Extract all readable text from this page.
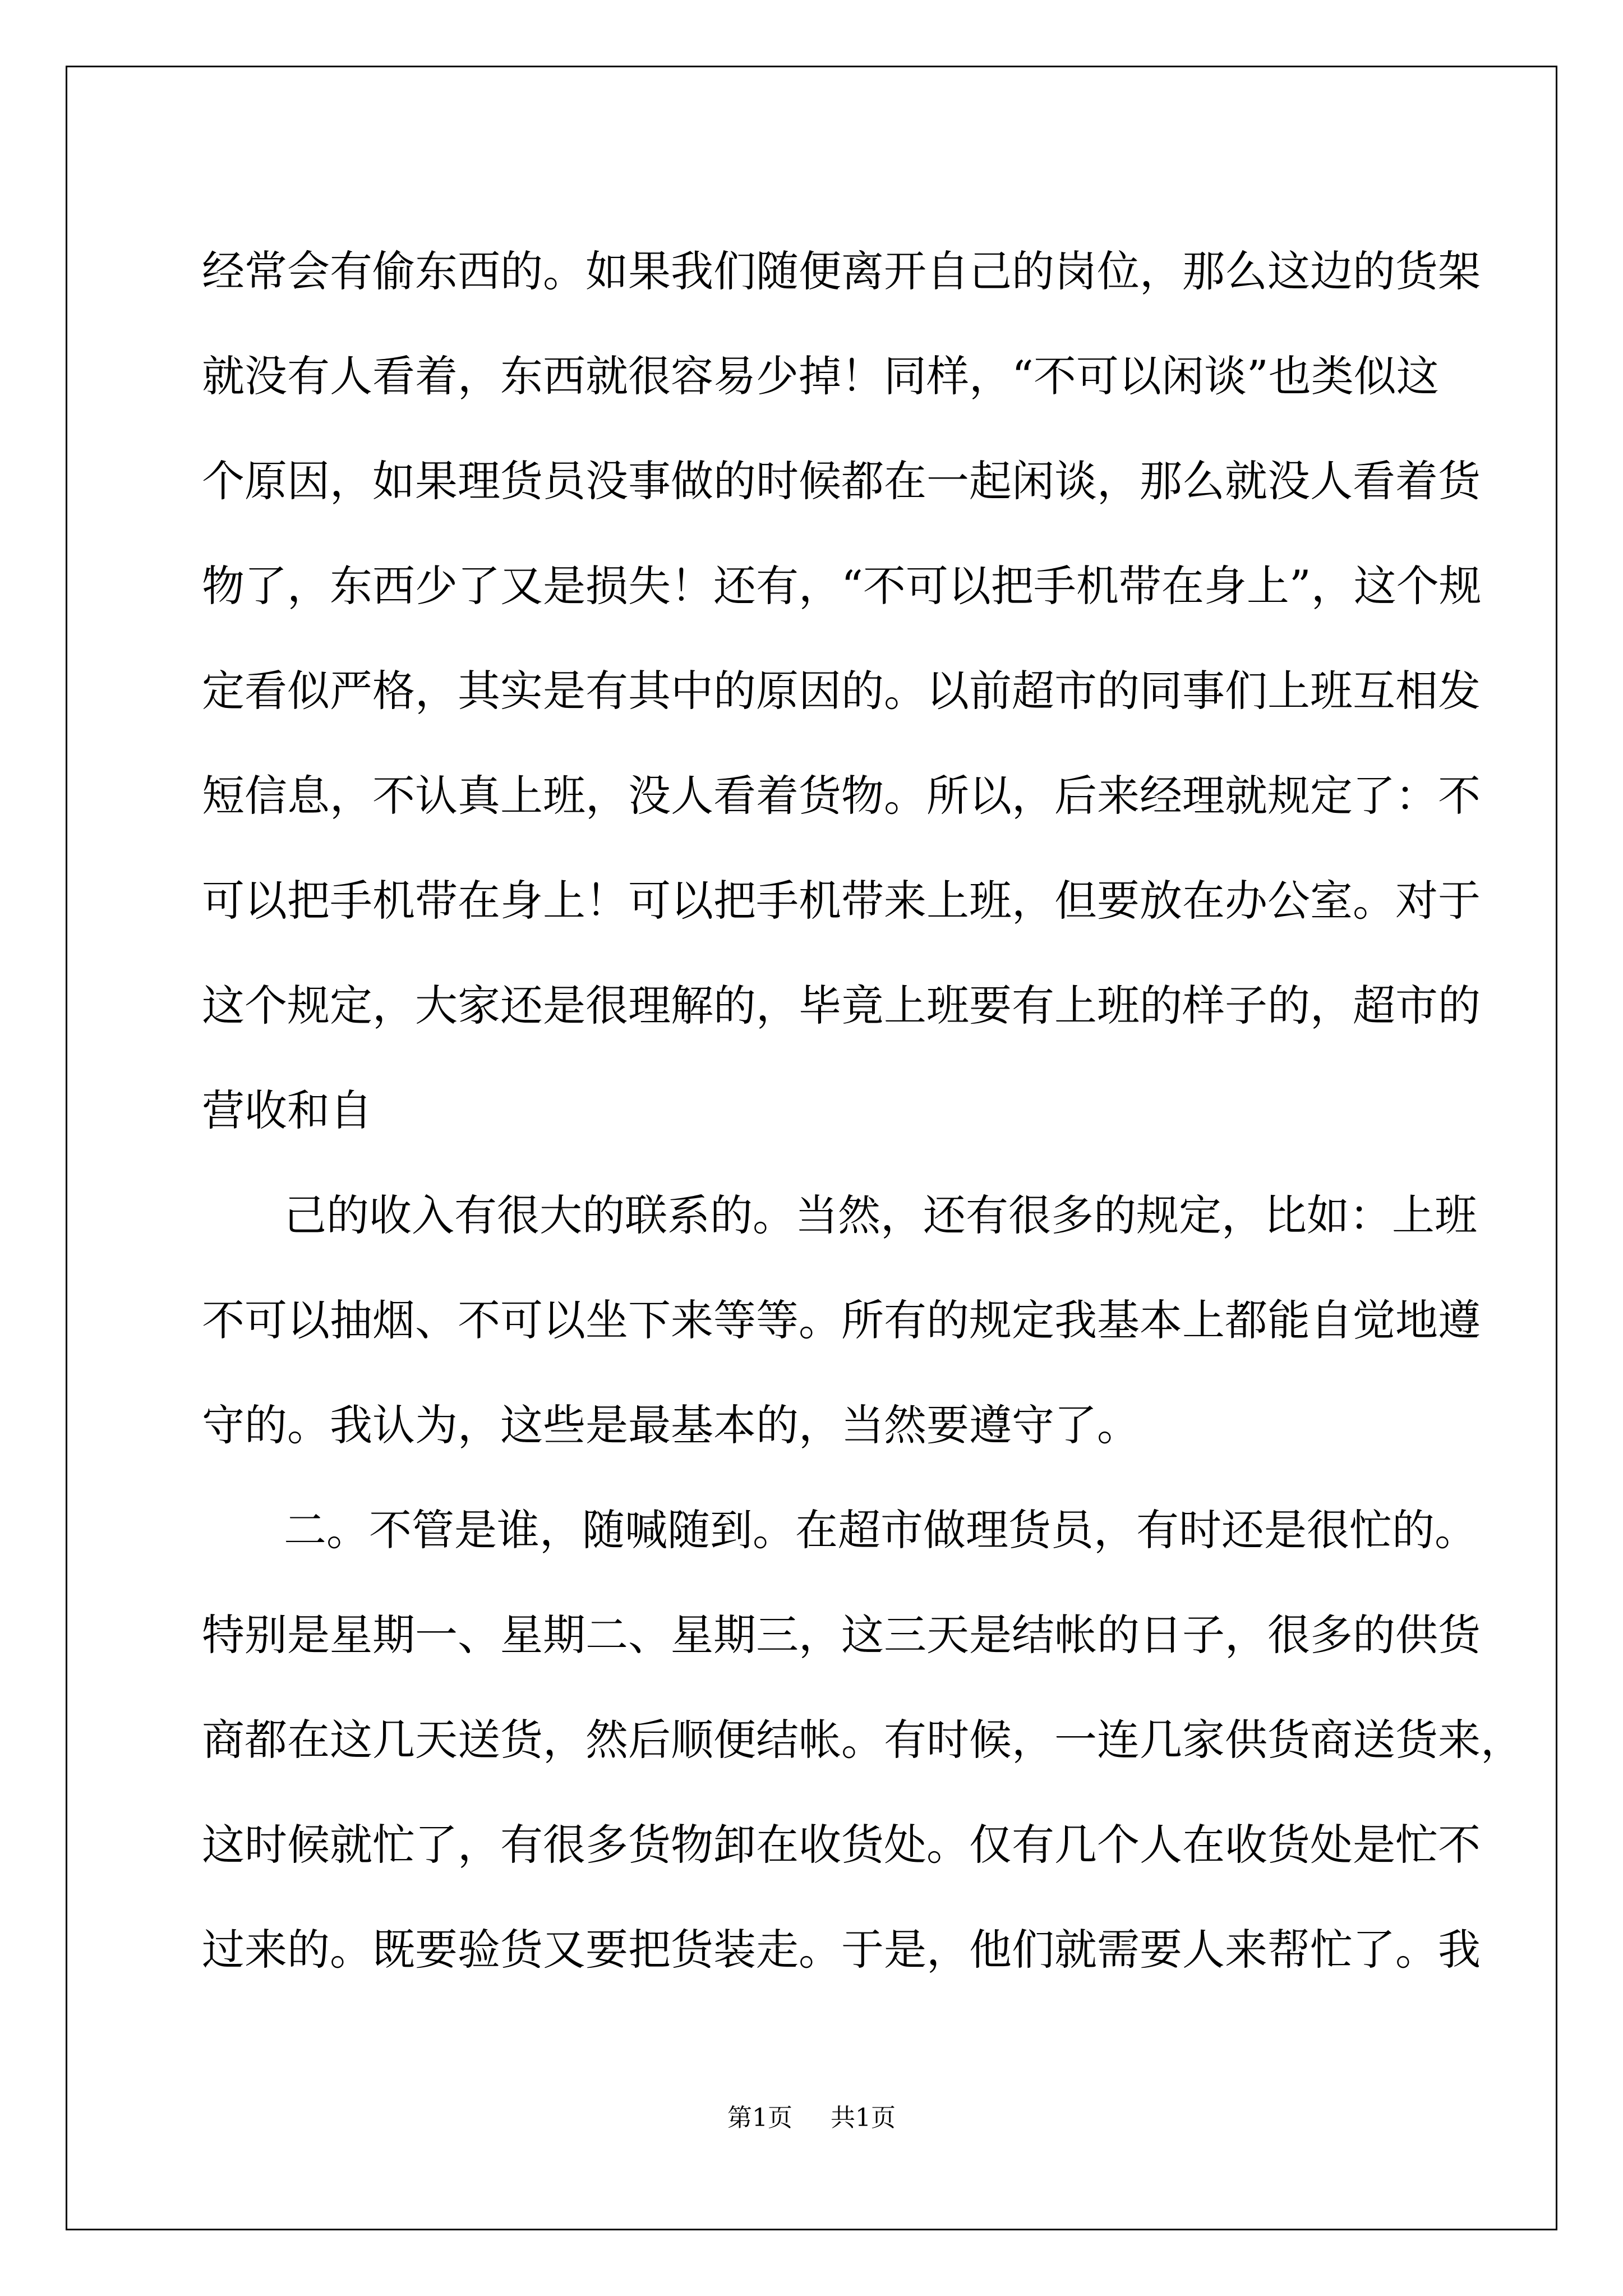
经常会有偷东西的。如果我们随便离开自己的岗位，那么这边的货架

就没有人看着，东西就很容易少掉！同样，“不可以闲谈”也类似这

个原因，如果理货员没事做的时候都在一起闲谈，那么就没人看着货

物了，东西少了又是损失！还有，“不可以把手机带在身上”，这个规

定看似严格，其实是有其中的原因的。以前超市的同事们上班互相发

短信息，不认真上班，没人看着货物。所以，后来经理就规定了：不

可以把手机带在身上！可以把手机带来上班，但要放在办公室。对于

这个规定，大家还是很理解的，毕竟上班要有上班的样子的，超市的

营收和自

己的收入有很大的联系的。当然，还有很多的规定，比如：上班

不可以抽烟、不可以坐下来等等。所有的规定我基本上都能自觉地遵

守的。我认为，这些是最基本的，当然要遵守了。

二。不管是谁，随喊随到。在超市做理货员，有时还是很忙的。

特别是星期一、星期二、星期三，这三天是结帐的日子，很多的供货

商都在这几天送货，然后顺便结帐。有时候，一连几家供货商送货来，

这时候就忙了，有很多货物卸在收货处。仅有几个人在收货处是忙不

过来的。既要验货又要把货装走。于是，他们就需要人来帮忙了。我

第1页 共1页
